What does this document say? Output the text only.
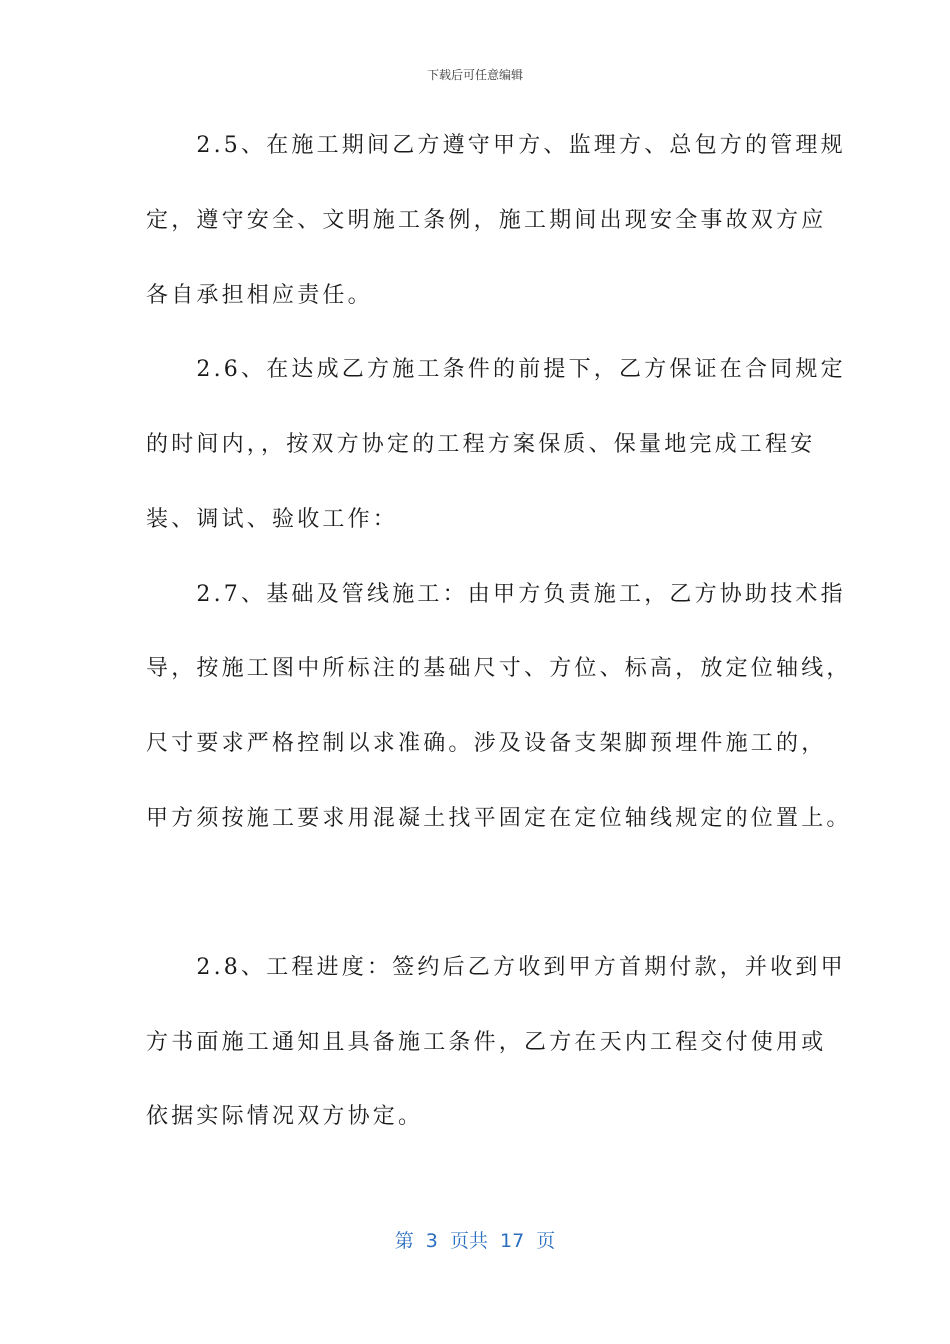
下载后可任意编辑
　　2.5、在施工期间乙方遵守甲方、监理方、总包方的管理规
定，遵守安全、文明施工条例，施工期间出现安全事故双方应
各自承担相应责任。
　　2.6、在达成乙方施工条件的前提下，乙方保证在合同规定
的时间内，，按双方协定的工程方案保质、保量地完成工程安
装、调试、验收工作：
　　2.7、基础及管线施工：由甲方负责施工，乙方协助技术指
导，按施工图中所标注的基础尺寸、方位、标高，放定位轴线，
尺寸要求严格控制以求准确。涉及设备支架脚预埋件施工的，
甲方须按施工要求用混凝土找平固定在定位轴线规定的位置上。
　　2.8、工程进度：签约后乙方收到甲方首期付款，并收到甲
方书面施工通知且具备施工条件，乙方在天内工程交付使用或
依据实际情况双方协定。
第  3  页共  17  页
